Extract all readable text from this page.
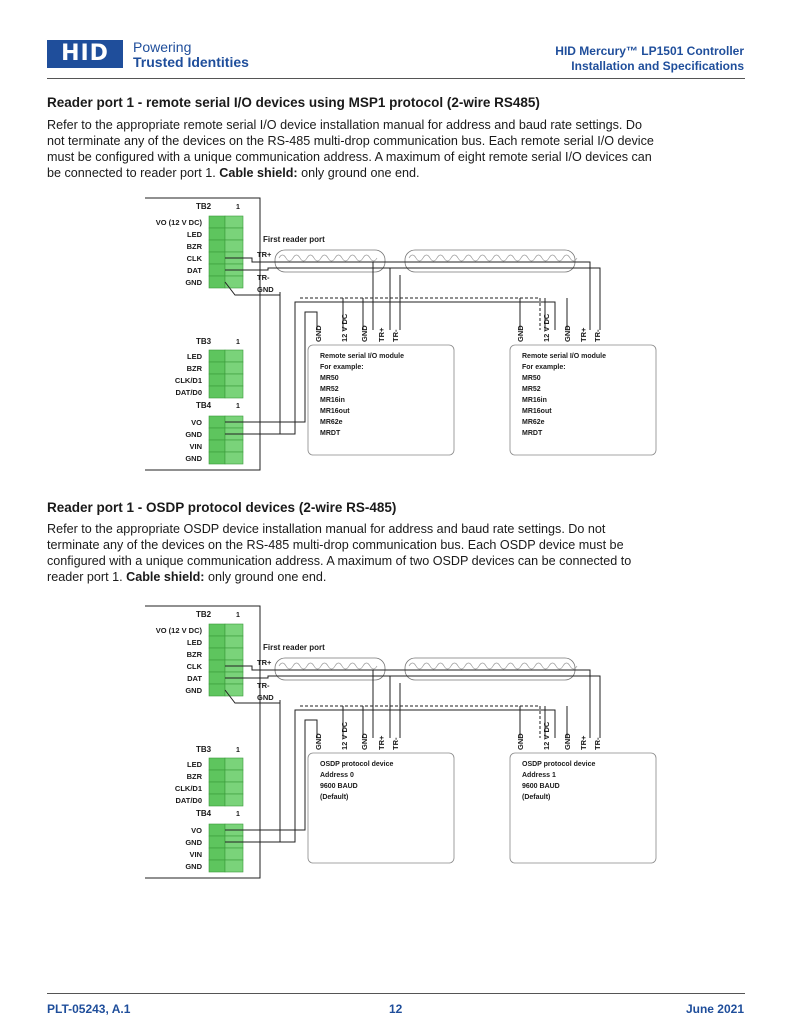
HID	Powering
Trusted Identities
HID Mercury™ LP1501 Controller
Installation and Specifications
Reader port 1 - remote serial I/O devices using MSP1 protocol (2-wire RS485)
Refer to the appropriate remote serial I/O device installation manual for address and baud rate settings. Do
not terminate any of the devices on the RS-485 multi-drop communication bus. Each remote serial I/O device
must be configured with a unique communication address. A maximum of eight remote serial I/O devices can
be connected to reader port 1. Cable shield: only ground one end.
TB2	1
VO (12 V DC)
LED
BZR
CLK
DAT
GND
TB3	1
LED
BZR
CLK/D1
DAT/D0
TB4	1
VO
GND
VIN
GND
First reader port
TR+
TR-
GND
GND 12 V DC GND TR+ TR-	GND 12 V DC GND TR+ TR-
Remote serial I/O module
For example:
MR50
MR52
MR16in
MR16out
MR62e
MRDT
Remote serial I/O module
For example:
MR50
MR52
MR16in
MR16out
MR62e
MRDT
Reader port 1 - OSDP protocol devices (2-wire RS-485)
Refer to the appropriate OSDP device installation manual for address and baud rate settings. Do not
terminate any of the devices on the RS-485 multi-drop communication bus. Each OSDP device must be
configured with a unique communication address. A maximum of two OSDP devices can be connected to
reader port 1. Cable shield: only ground one end.
TB2	1
VO (12 V DC)
LED
BZR
CLK
DAT
GND
TB3	1
LED
BZR
CLK/D1
DAT/D0
TB4	1
VO
GND
VIN
GND
First reader port
TR+
TR-
GND
GND 12 V DC GND TR+ TR-	GND 12 V DC GND TR+ TR-
OSDP protocol device
Address 0
9600 BAUD
(Default)
OSDP protocol device
Address 1
9600 BAUD
(Default)
PLT-05243, A.1	12	June 2021
